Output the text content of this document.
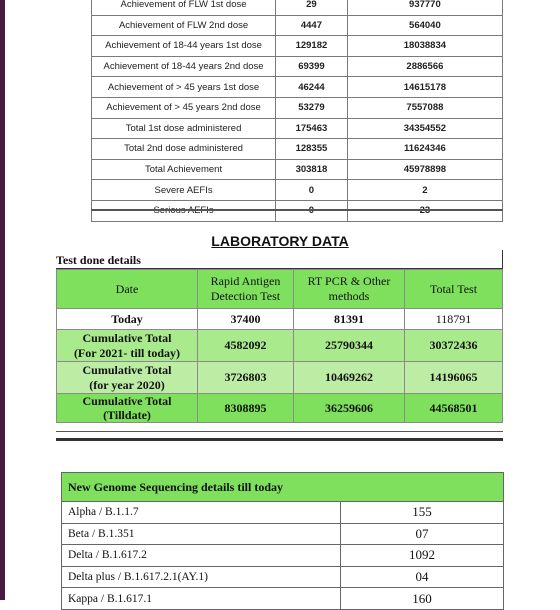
Achievement of FLW 1st dose	29	937770
Achievement of FLW 2nd dose	4447	564040
Achievement of 18-44 years 1st dose	129182	18038834
Achievement of 18-44 years 2nd dose	69399	2886566
Achievement of > 45 years 1st dose	46244	14615178
Achievement of > 45 years 2nd dose	53279	7557088
Total 1st dose administered	175463	34354552
Total 2nd dose administered	128355	11624346
Total Achievement	303818	45978898
Severe AEFIs	0	2

LABORATORY DATA
Test done details
Date	Rapid Antigen Detection Test	RT PCR & Other methods	Total Test
Today	37400	81391	118791

Cumulative Total
(For 2021- till today)	4582092	25790344	30372436

Cumulative Total
(for year 2020)	3726803	10469262	14196065

Cumulative Total
(Tilldate)	8308895	36259606	44568501
New Genome Sequencing details till today	
Alpha / B.1.1.7	155
Beta / B.1.351	07
Delta / B.1.617.2	1092
Delta plus / B.1.617.2.1(AY.1)	04
Kappa / B.1.617.1	160
